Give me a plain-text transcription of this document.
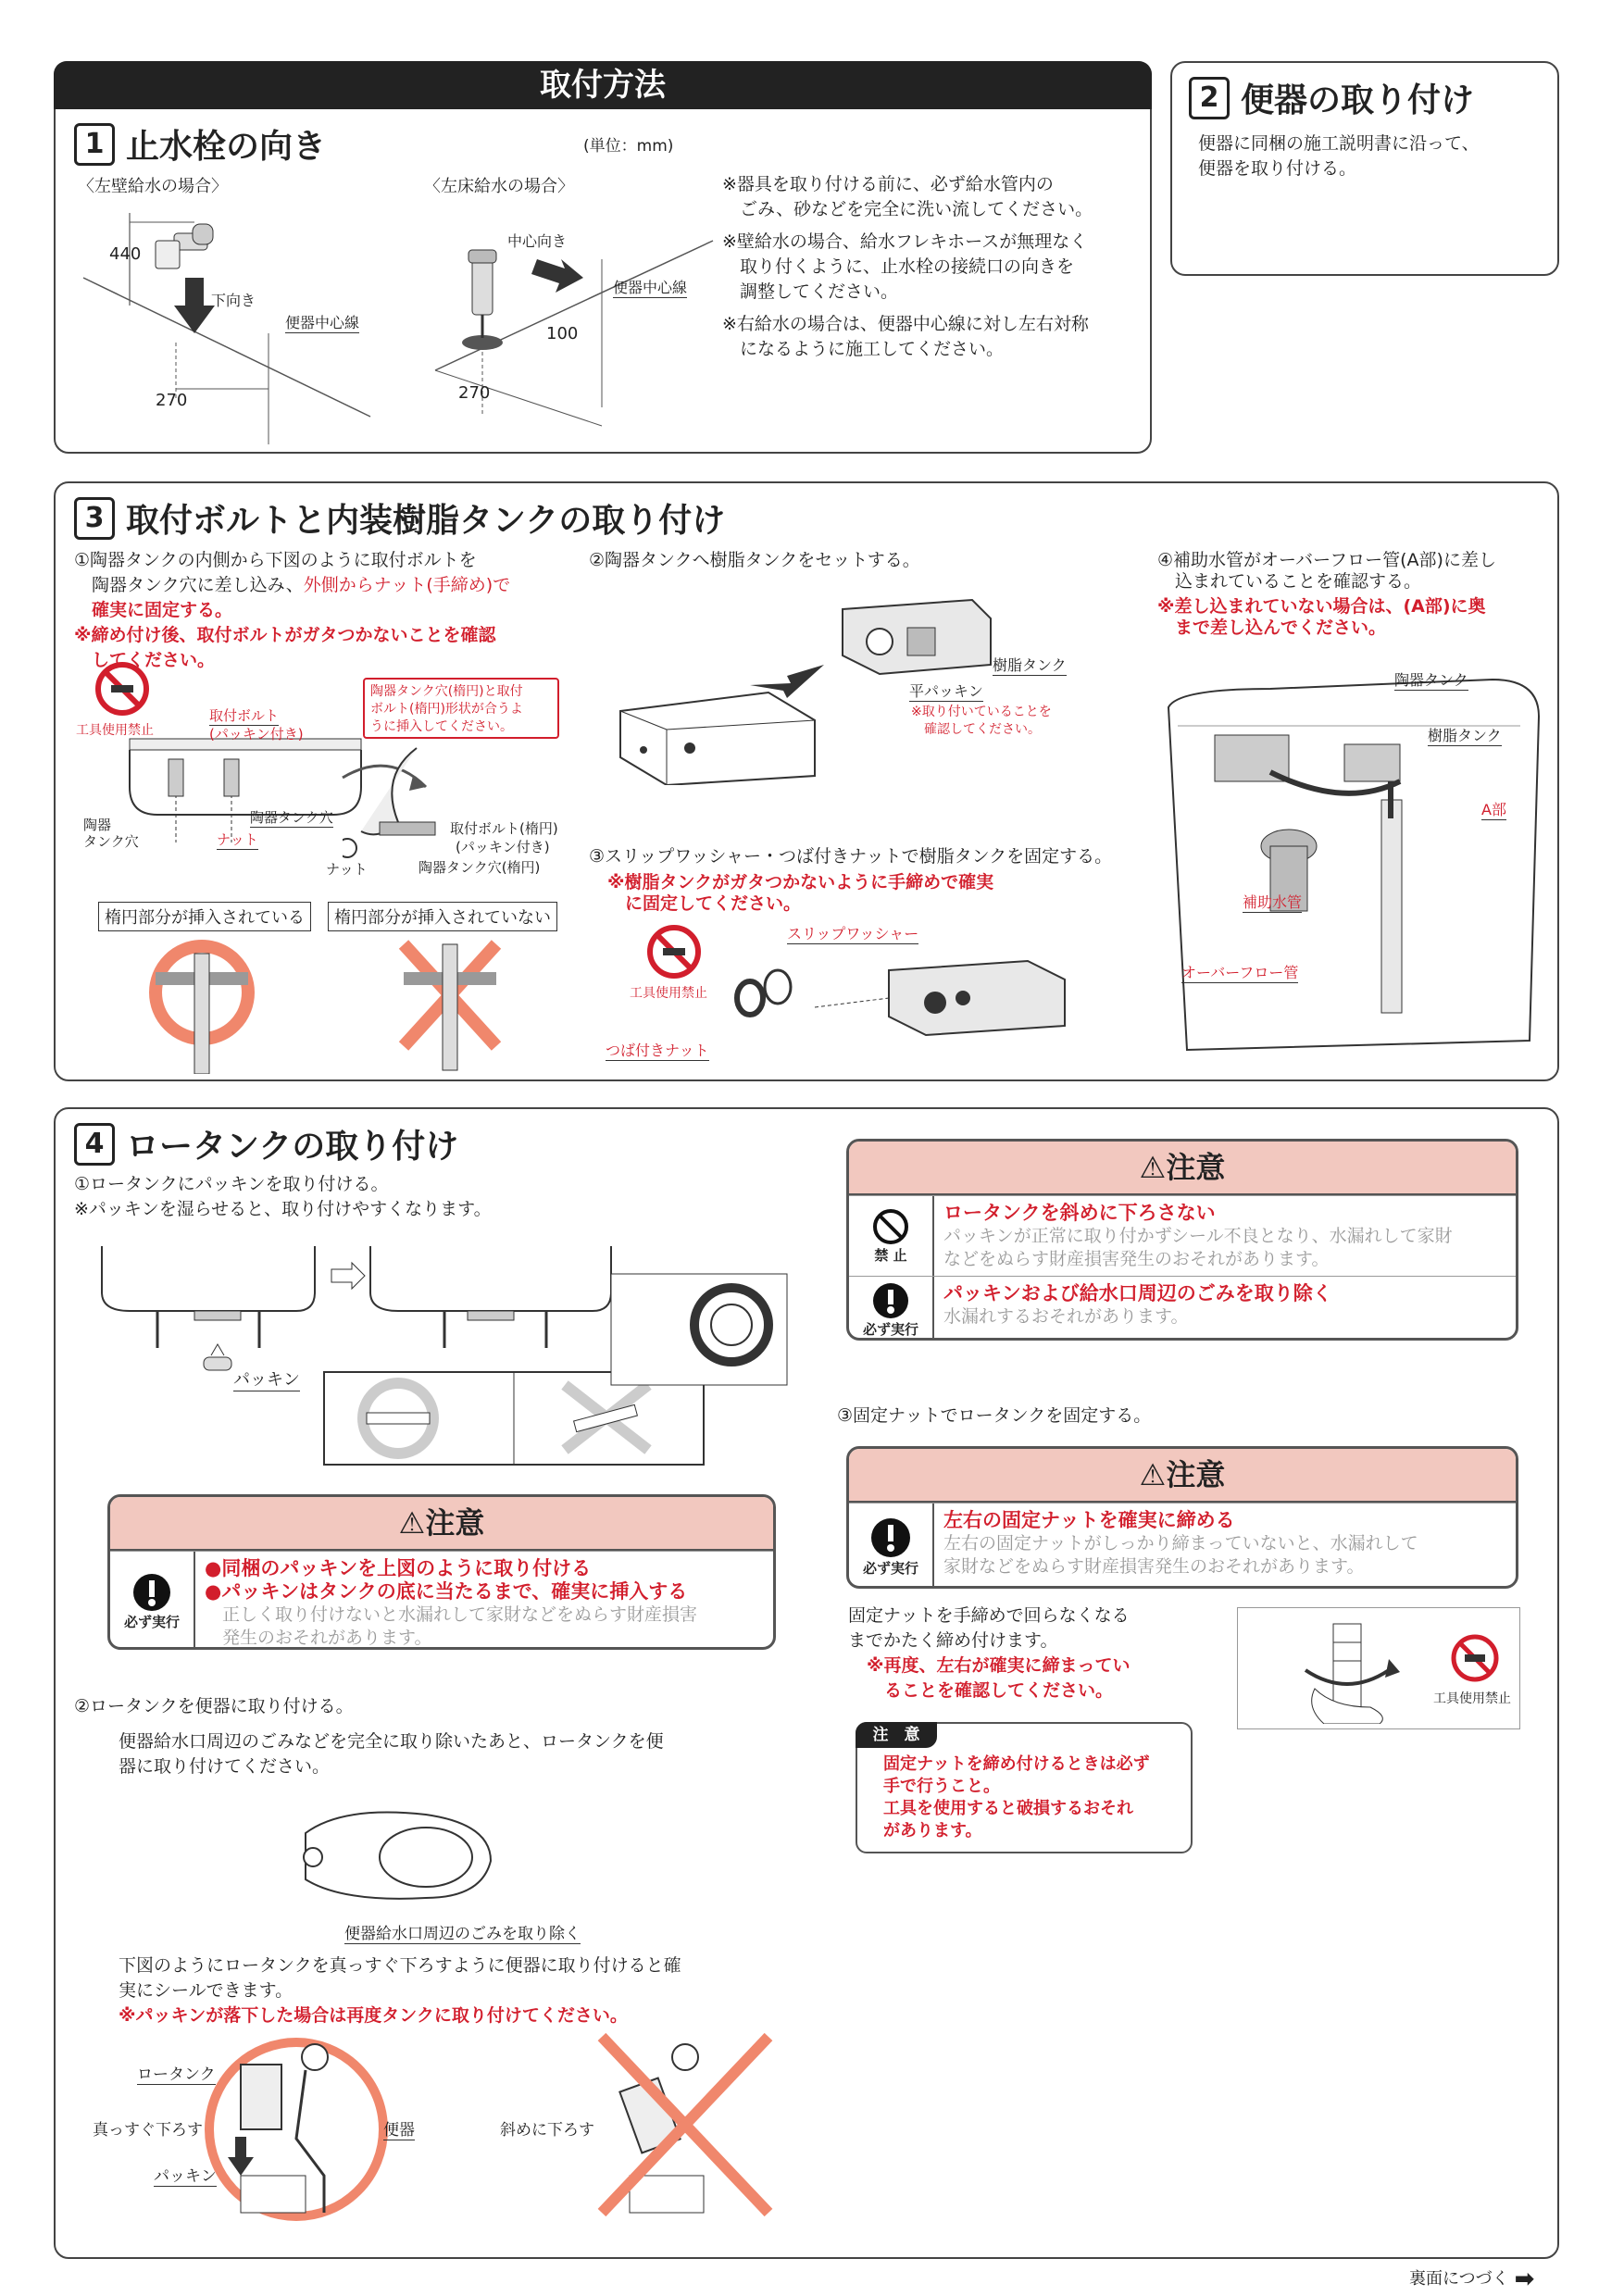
取付方法
1 止水栓の向き	(単位：mm)
〈左壁給水の場合〉	〈左床給水の場合〉
440
下向き
便器中心線
270
中心向き
便器中心線
100
270
※器具を取り付ける前に、必ず給水管内の
　ごみ、砂などを完全に洗い流してください。
※壁給水の場合、給水フレキホースが無理なく
　取り付くように、止水栓の接続口の向きを
　調整してください。
※右給水の場合は、便器中心線に対し左右対称
　になるように施工してください。
2 便器の取り付け
便器に同梱の施工説明書に沿って、
便器を取り付ける。
3 取付ボルトと内装樹脂タンクの取り付け
①陶器タンクの内側から下図のように取付ボルトを
　陶器タンク穴に差し込み、外側からナット(手締め)で
　確実に固定する。
※締め付け後、取付ボルトがガタつかないことを確認
　してください。
工具使用禁止
取付ボルト
(パッキン付き)
陶器タンク穴
陶器
タンク穴	ナット
陶器タンク穴(楕円)と取付
ボルト(楕円)形状が合うよ
うに挿入してください。
取付ボルト(楕円)
(パッキン付き)
陶器タンク穴(楕円)
ナット
楕円部分が挿入されている	楕円部分が挿入されていない
②陶器タンクへ樹脂タンクをセットする。
樹脂タンク
平パッキン
※取り付いていることを
確認してください。
③スリップワッシャー・つば付きナットで樹脂タンクを固定する。
※樹脂タンクがガタつかないように手締めで確実
　に固定してください。
工具使用禁止
スリップワッシャー
つば付きナット
④補助水管がオーバーフロー管(A部)に差し
　込まれていることを確認する。
※差し込まれていない場合は、(A部)に奥
　まで差し込んでください。
陶器タンク
樹脂タンク
A部
補助水管
オーバーフロー管
4 ロータンクの取り付け
①ロータンクにパッキンを取り付ける。
※パッキンを湿らせると、取り付けやすくなります。
パッキン
⚠注意
必ず実行
●同梱のパッキンを上図のように取り付ける
●パッキンはタンクの底に当たるまで、確実に挿入する
　正しく取り付けないと水漏れして家財などをぬらす財産損害
　発生のおそれがあります。
②ロータンクを便器に取り付ける。
便器給水口周辺のごみなどを完全に取り除いたあと、ロータンクを便
器に取り付けてください。
便器給水口周辺のごみを取り除く
下図のようにロータンクを真っすぐ下ろすように便器に取り付けると確
実にシールできます。
※パッキンが落下した場合は再度タンクに取り付けてください。
ロータンク
真っすぐ下ろす	便器
パッキン
斜めに下ろす
⚠注意
禁 止
ロータンクを斜めに下ろさない
パッキンが正常に取り付かずシール不良となり、水漏れして家財
などをぬらす財産損害発生のおそれがあります。
必ず実行
パッキンおよび給水口周辺のごみを取り除く
水漏れするおそれがあります。
③固定ナットでロータンクを固定する。
⚠注意
必ず実行
左右の固定ナットを確実に締める
左右の固定ナットがしっかり締まっていないと、水漏れして
家財などをぬらす財産損害発生のおそれがあります。
固定ナットを手締めで回らなくなる
までかたく締め付けます。
※再度、左右が確実に締まってい
　ることを確認してください。	工具使用禁止
注　意
固定ナットを締め付けるときは必ず
手で行うこと。
工具を使用すると破損するおそれ
があります。
裏面につづく ➡
